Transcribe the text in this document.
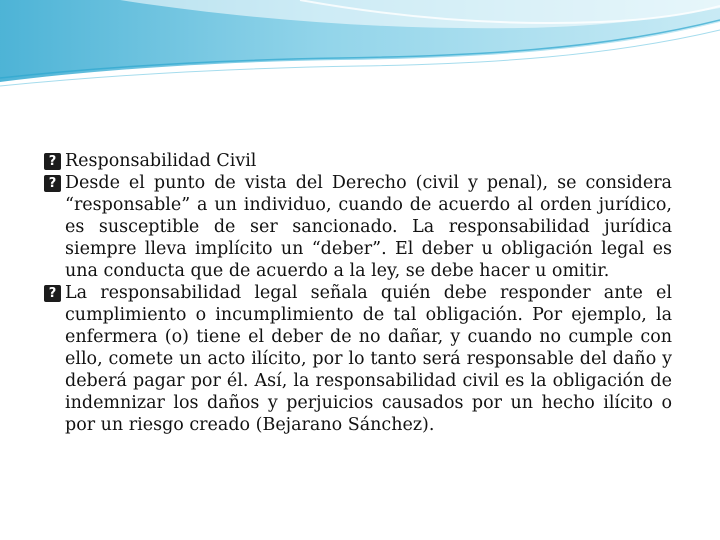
?
Responsabilidad Civil
?
Desde el punto de vista del Derecho (civil y penal), se considera “responsable” a un individuo, cuando de acuerdo al orden jurídico, es susceptible de ser sancionado. La responsabilidad jurídica siempre lleva implícito un “deber”. El deber u obligación legal es una conducta que de acuerdo a la ley, se debe hacer u omitir.
?
La responsabilidad legal señala quién debe responder ante el cumplimiento o incumplimiento de tal obligación. Por ejemplo, la enfermera (o) tiene el deber de no dañar, y cuando no cumple con ello, comete un acto ilícito, por lo tanto será responsable del daño y deberá pagar por él. Así, la responsabilidad civil es la obligación de indemnizar los daños y perjuicios causados por un hecho ilícito o por un riesgo creado (Bejarano Sánchez).
